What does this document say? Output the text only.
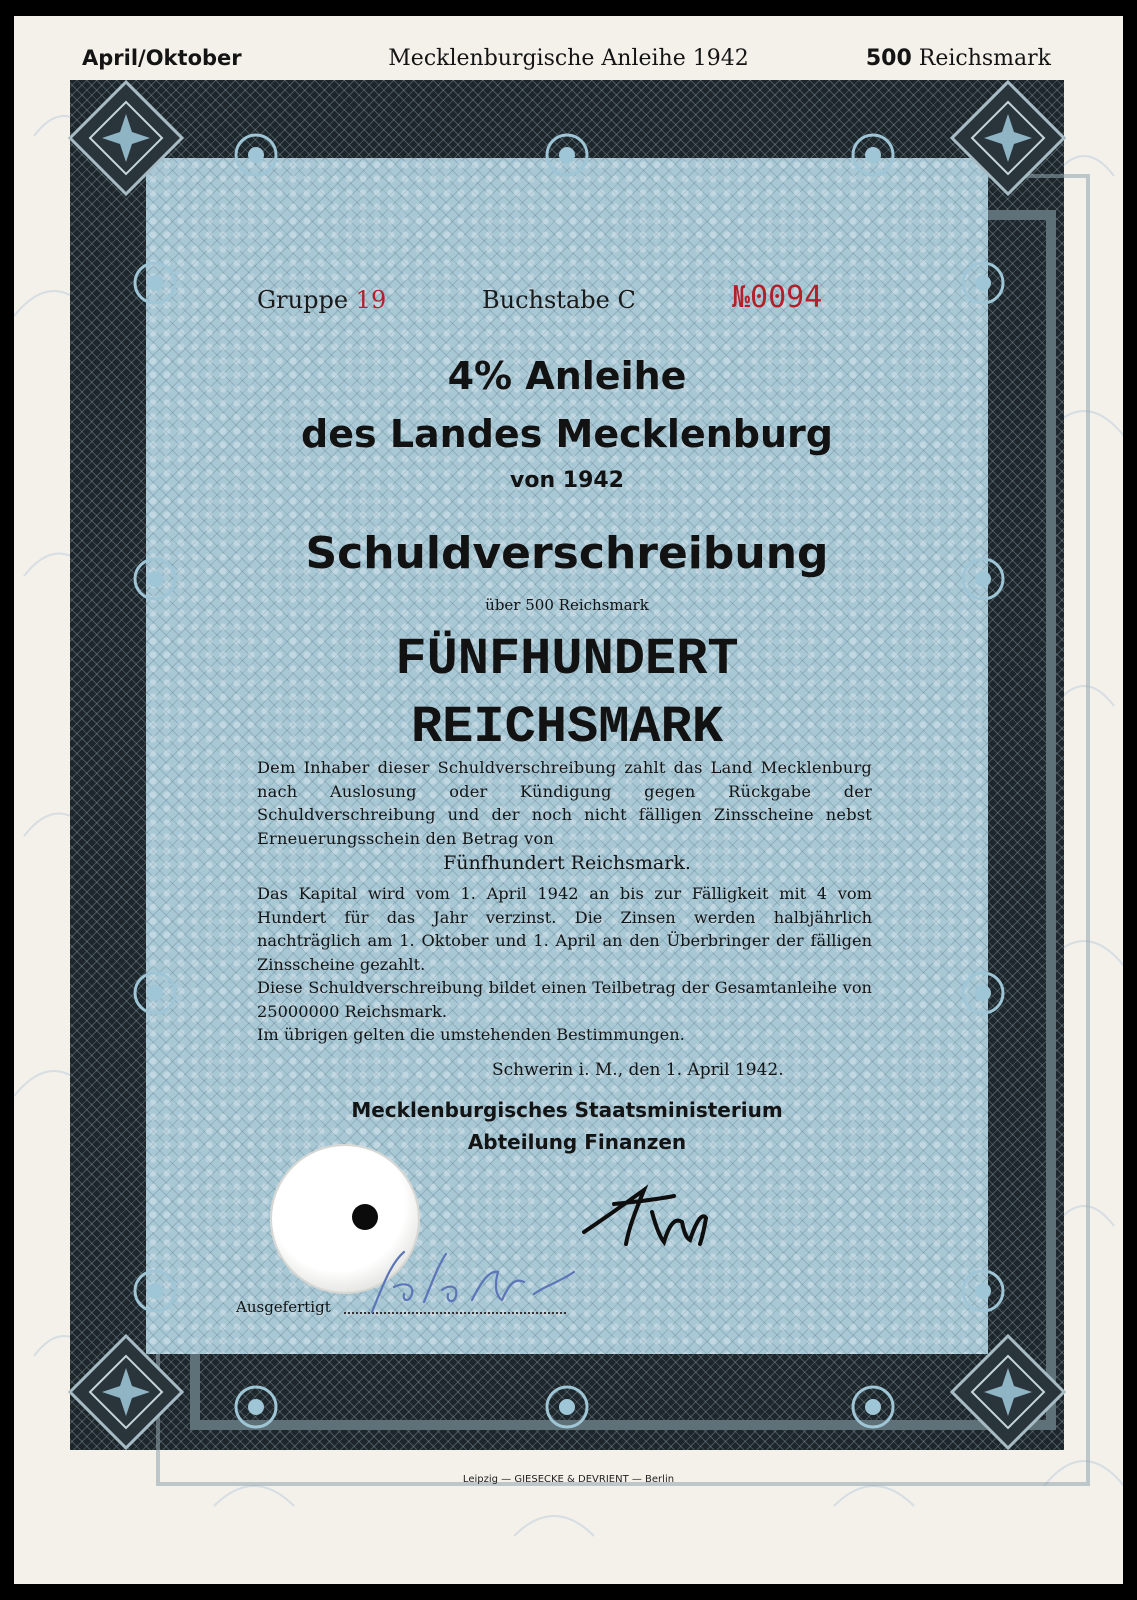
April/Oktober	Mecklenburgische Anleihe 1942	500 Reichsmark
Gruppe 19	Buchstabe C	№0094
4% Anleihe
des Landes Mecklenburg
von 1942
Schuldverschreibung
über 500 Reichsmark
FÜNFHUNDERT
REICHSMARK
Dem Inhaber dieser Schuldverschreibung zahlt das Land Mecklenburg nach Auslosung oder Kündigung gegen Rückgabe der Schuldverschreibung und der noch nicht fälligen Zinsscheine nebst Erneuerungsschein den Betrag von
Fünfhundert Reichsmark.
Das Kapital wird vom 1. April 1942 an bis zur Fälligkeit mit 4 vom Hundert für das Jahr verzinst. Die Zinsen werden halbjährlich nachträglich am 1. Oktober und 1. April an den Überbringer der fälligen Zinsscheine gezahlt.
Diese Schuldverschreibung bildet einen Teilbetrag der Gesamtanleihe von 25000000 Reichsmark.
Im übrigen gelten die umstehenden Bestimmungen.
Schwerin i. M., den 1. April 1942.
Mecklenburgisches Staatsministerium
Abteilung Finanzen
Ausgefertigt
Leipzig — GIESECKE & DEVRIENT — Berlin
